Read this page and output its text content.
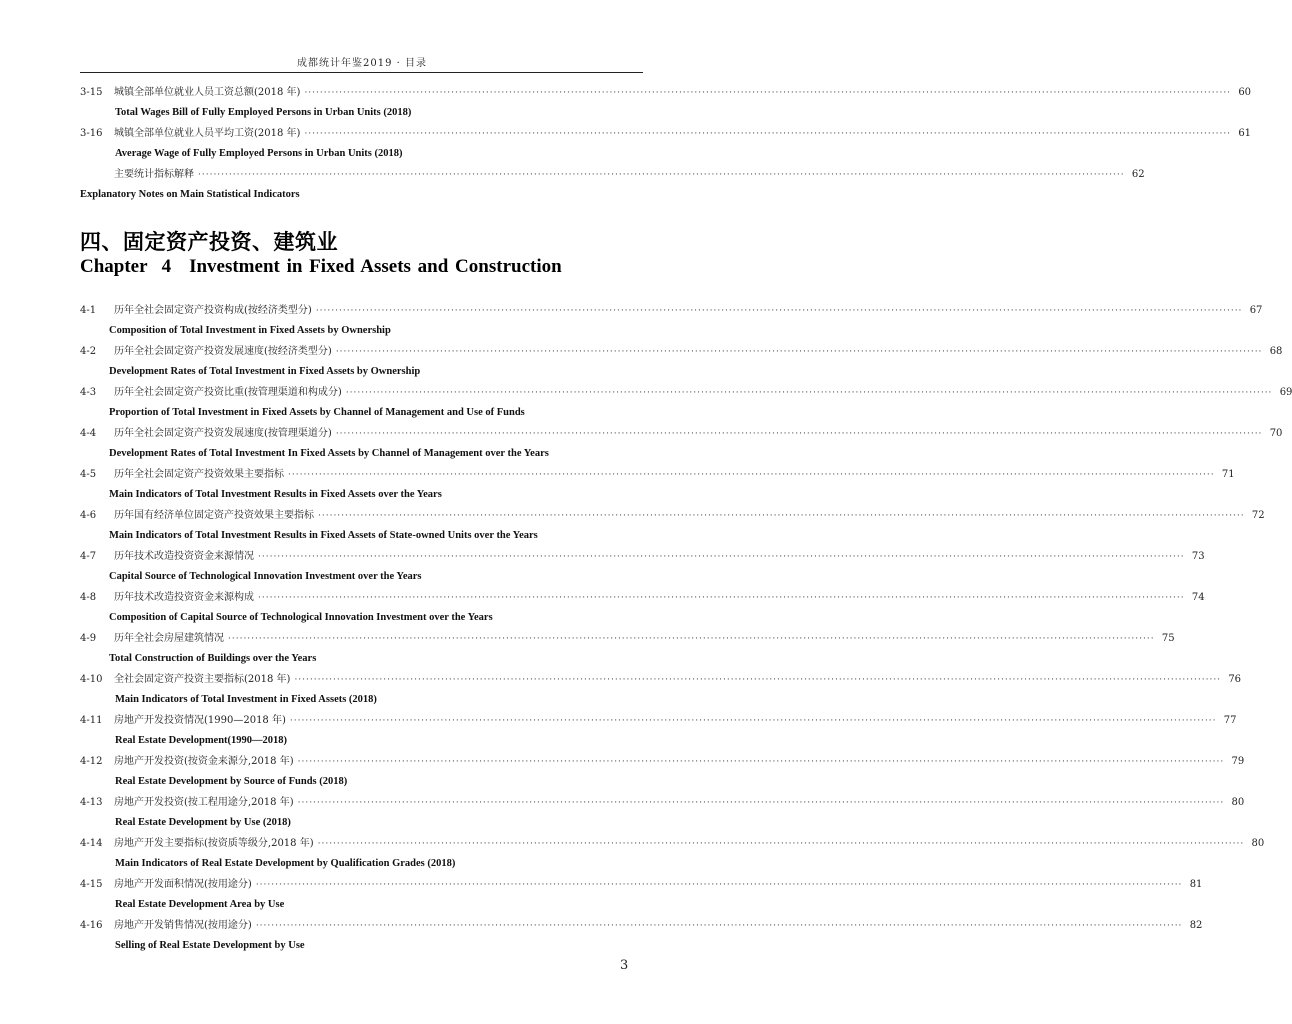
成都统计年鉴2019 · 目录
3-15	城镇全部单位就业人员工资总额(2018 年) ················································································································································································································································ 60
Total Wages Bill of Fully Employed Persons in Urban Units (2018)
3-16	城镇全部单位就业人员平均工资(2018 年) ················································································································································································································································ 61
Average Wage of Fully Employed Persons in Urban Units (2018)
主要统计指标解释 ················································································································································································································································ 62
Explanatory Notes on Main Statistical Indicators
四、固定资产投资、建筑业
Chapter 4 Investment in Fixed Assets and Construction
4-1	历年全社会固定资产投资构成(按经济类型分) ················································································································································································································································ 67
Composition of Total Investment in Fixed Assets by Ownership
4-2	历年全社会固定资产投资发展速度(按经济类型分) ················································································································································································································································ 68
Development Rates of Total Investment in Fixed Assets by Ownership
4-3	历年全社会固定资产投资比重(按管理渠道和构成分) ················································································································································································································································ 69
Proportion of Total Investment in Fixed Assets by Channel of Management and Use of Funds
4-4	历年全社会固定资产投资发展速度(按管理渠道分) ················································································································································································································································ 70
Development Rates of Total Investment In Fixed Assets by Channel of Management over the Years
4-5	历年全社会固定资产投资效果主要指标 ················································································································································································································································ 71
Main Indicators of Total Investment Results in Fixed Assets over the Years
4-6	历年国有经济单位固定资产投资效果主要指标 ················································································································································································································································ 72
Main Indicators of Total Investment Results in Fixed Assets of State-owned Units over the Years
4-7	历年技术改造投资资金来源情况 ················································································································································································································································ 73
Capital Source of Technological Innovation Investment over the Years
4-8	历年技术改造投资资金来源构成 ················································································································································································································································ 74
Composition of Capital Source of Technological Innovation Investment over the Years
4-9	历年全社会房屋建筑情况 ················································································································································································································································ 75
Total Construction of Buildings over the Years
4-10	全社会固定资产投资主要指标(2018 年) ················································································································································································································································ 76
Main Indicators of Total Investment in Fixed Assets (2018)
4-11	房地产开发投资情况(1990—2018 年) ················································································································································································································································ 77
Real Estate Development(1990—2018)
4-12	房地产开发投资(按资金来源分,2018 年) ················································································································································································································································ 79
Real Estate Development by Source of Funds (2018)
4-13	房地产开发投资(按工程用途分,2018 年) ················································································································································································································································ 80
Real Estate Development by Use (2018)
4-14	房地产开发主要指标(按资质等级分,2018 年) ················································································································································································································································ 80
Main Indicators of Real Estate Development by Qualification Grades (2018)
4-15	房地产开发面积情况(按用途分) ················································································································································································································································ 81
Real Estate Development Area by Use
4-16	房地产开发销售情况(按用途分) ················································································································································································································································ 82
Selling of Real Estate Development by Use
3
